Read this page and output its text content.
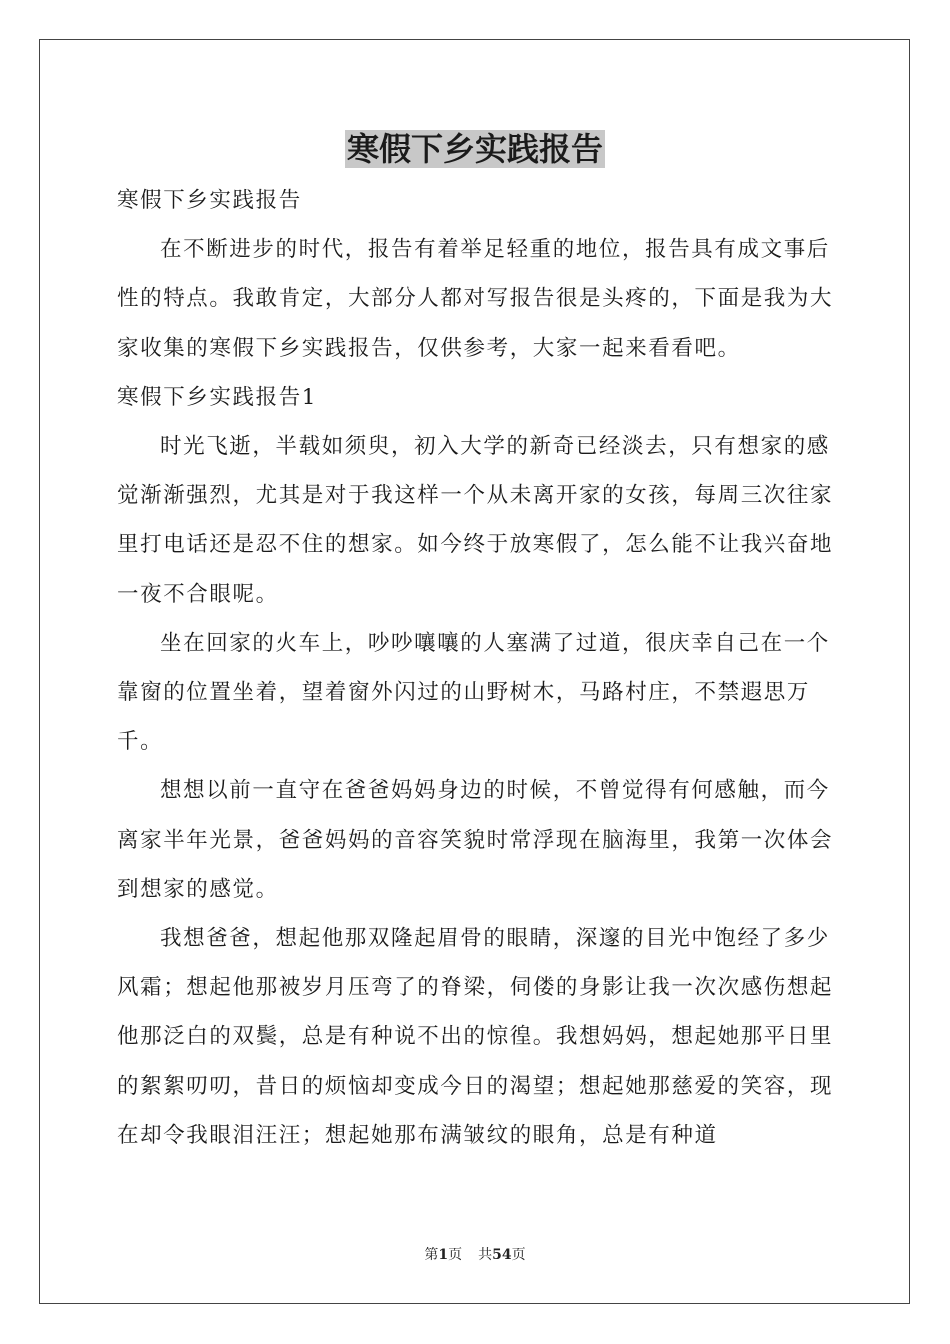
寒假下乡实践报告

寒假下乡实践报告

在不断进步的时代，报告有着举足轻重的地位，报告具有成文事后性的特点。我敢肯定，大部分人都对写报告很是头疼的，下面是我为大家收集的寒假下乡实践报告，仅供参考，大家一起来看看吧。

寒假下乡实践报告1

时光飞逝，半载如须臾，初入大学的新奇已经淡去，只有想家的感觉渐渐强烈，尤其是对于我这样一个从未离开家的女孩，每周三次往家里打电话还是忍不住的想家。如今终于放寒假了，怎么能不让我兴奋地一夜不合眼呢。

坐在回家的火车上，吵吵嚷嚷的人塞满了过道，很庆幸自己在一个靠窗的位置坐着，望着窗外闪过的山野树木，马路村庄，不禁遐思万千。

想想以前一直守在爸爸妈妈身边的时候，不曾觉得有何感触，而今离家半年光景，爸爸妈妈的音容笑貌时常浮现在脑海里，我第一次体会到想家的感觉。

我想爸爸，想起他那双隆起眉骨的眼睛，深邃的目光中饱经了多少风霜；想起他那被岁月压弯了的脊梁，伺偻的身影让我一次次感伤想起他那泛白的双鬓，总是有种说不出的惊徨。我想妈妈，想起她那平日里的絮絮叨叨，昔日的烦恼却变成今日的渴望；想起她那慈爱的笑容，现在却令我眼泪汪汪；想起她那布满皱纹的眼角，总是有种道

第1页 共54页
